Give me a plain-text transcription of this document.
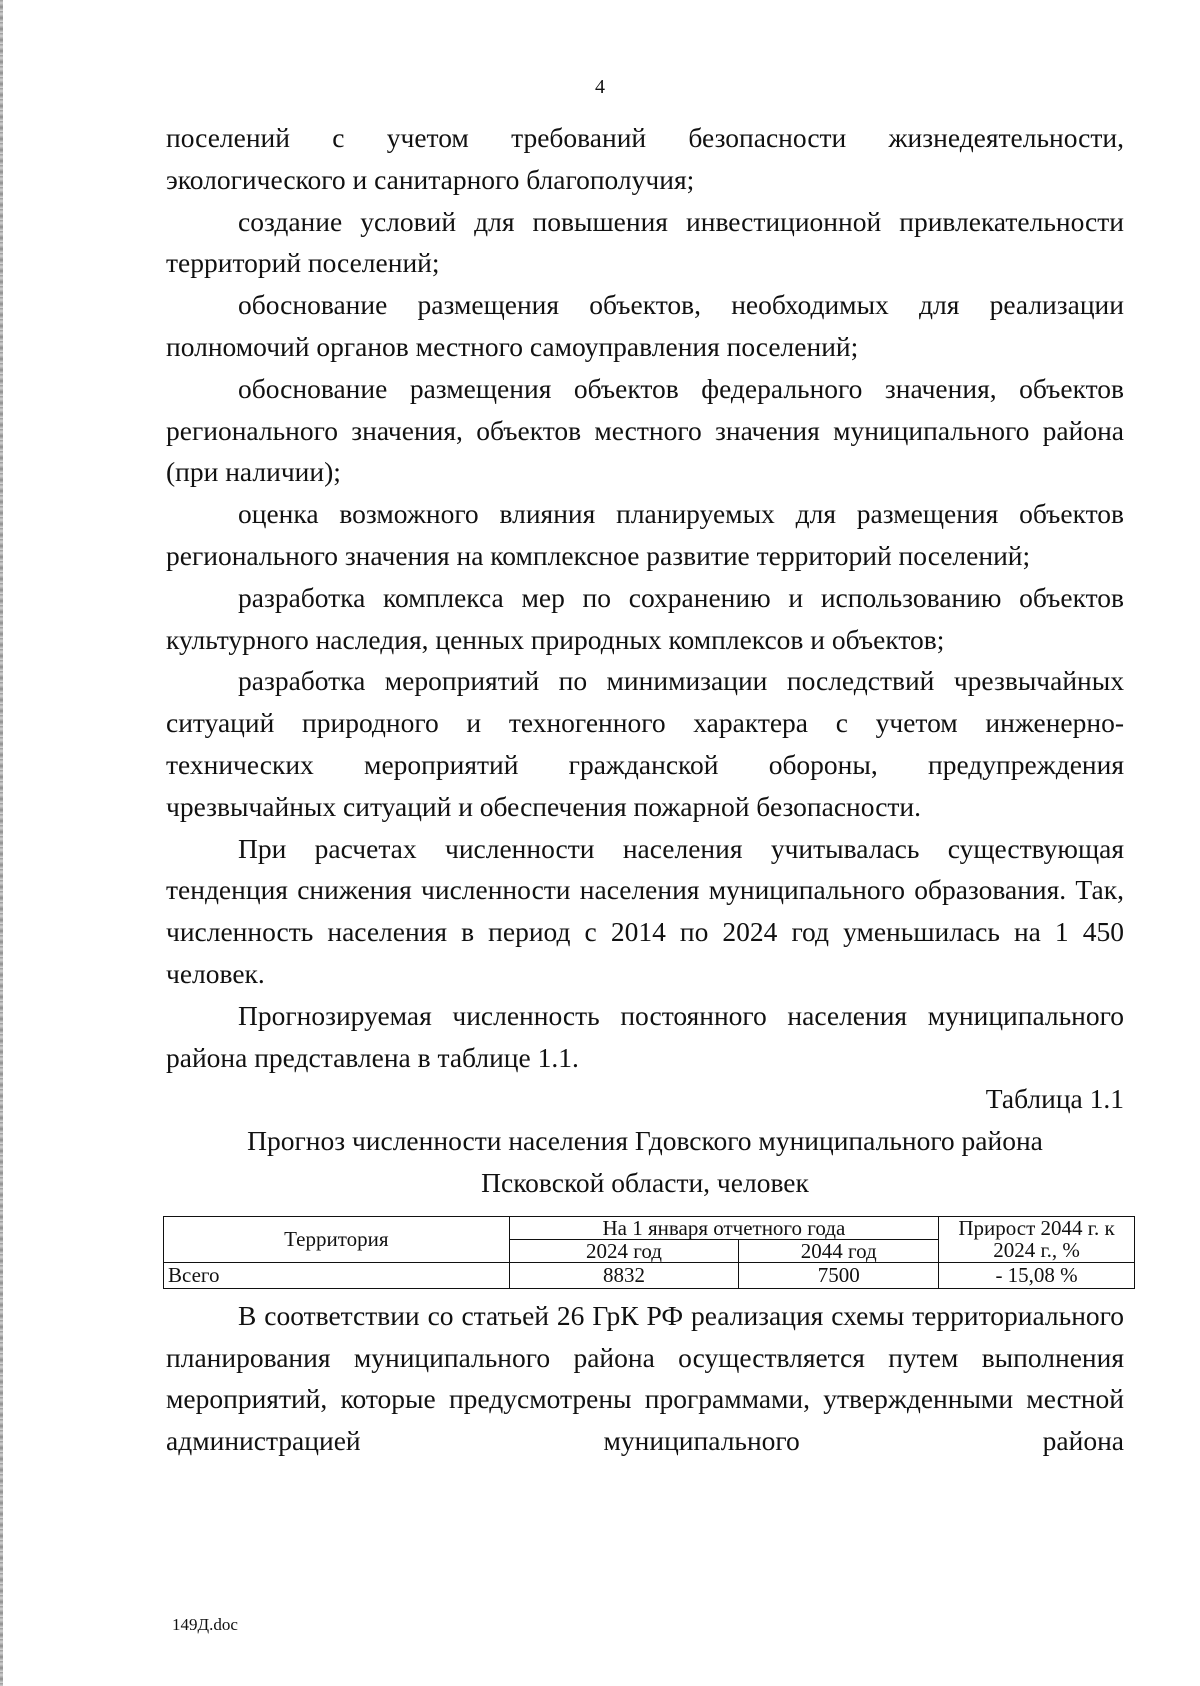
4

поселений с учетом требований безопасности жизнедеятельности, экологического и санитарного благополучия;

создание условий для повышения инвестиционной привлекательности территорий поселений;

обоснование размещения объектов, необходимых для реализации полномочий органов местного самоуправления поселений;

обоснование размещения объектов федерального значения, объектов регионального значения, объектов местного значения муниципального района (при наличии);

оценка возможного влияния планируемых для размещения объектов регионального значения на комплексное развитие территорий поселений;

разработка комплекса мер по сохранению и использованию объектов культурного наследия, ценных природных комплексов и объектов;

разработка мероприятий по минимизации последствий чрезвычайных ситуаций природного и техногенного характера с учетом инженерно-технических мероприятий гражданской обороны, предупреждения чрезвычайных ситуаций и обеспечения пожарной безопасности.

При расчетах численности населения учитывалась существующая тенденция снижения численности населения муниципального образования. Так, численность населения в период с 2014 по 2024 год уменьшилась на 1 450 человек.

Прогнозируемая численность постоянного населения муниципального района представлена в таблице 1.1.

Таблица 1.1

Прогноз численности населения Гдовского муниципального района

Псковской области, человек

Территория	На 1 января отчетного года		Прирост 2044 г. к 2024 г., %
	2024 год	2044 год	
Всего	8832	7500	- 15,08 %

В соответствии со статьей 26 ГрК РФ реализация схемы территориального планирования муниципального района осуществляется путем выполнения мероприятий, которые предусмотрены программами, утвержденными местной администрацией муниципального района

149Д.doc
